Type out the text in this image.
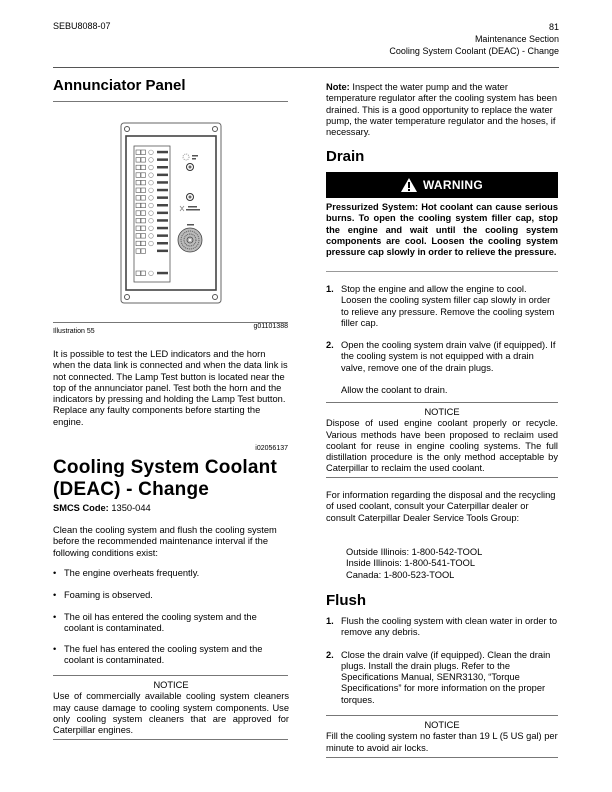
SEBU8088-07	81
Maintenance Section
Cooling System Coolant (DEAC) - Change
Annunciator Panel
Illustration 55
g01101388
It is possible to test the LED indicators and the horn when the data link is connected and when the data link is not connected. The Lamp Test button is located near the top of the annunciator panel. Test both the horn and the indicators by pressing and holding the Lamp Test button. Replace any faulty components before starting the engine.
i02056137
Cooling System Coolant
(DEAC) - Change
SMCS Code: 1350-044
Clean the cooling system and flush the cooling system before the recommended maintenance interval if the following conditions exist:
• The engine overheats frequently.
• Foaming is observed.
• The oil has entered the cooling system and the coolant is contaminated.
• The fuel has entered the cooling system and the coolant is contaminated.
NOTICE
Use of commercially available cooling system cleaners may cause damage to cooling system components. Use only cooling system cleaners that are approved for Caterpillar engines.
Note: Inspect the water pump and the water temperature regulator after the cooling system has been drained. This is a good opportunity to replace the water pump, the water temperature regulator and the hoses, if necessary.
Drain
WARNING
Pressurized System: Hot coolant can cause serious burns. To open the cooling system filler cap, stop the engine and wait until the cooling system components are cool. Loosen the cooling system pressure cap slowly in order to relieve the pressure.
1. Stop the engine and allow the engine to cool. Loosen the cooling system filler cap slowly in order to relieve any pressure. Remove the cooling system filler cap.
2. Open the cooling system drain valve (if equipped). If the cooling system is not equipped with a drain valve, remove one of the drain plugs.
Allow the coolant to drain.
NOTICE
Dispose of used engine coolant properly or recycle. Various methods have been proposed to reclaim used coolant for reuse in engine cooling systems. The full distillation procedure is the only method acceptable by Caterpillar to reclaim the used coolant.
For information regarding the disposal and the recycling of used coolant, consult your Caterpillar dealer or consult Caterpillar Dealer Service Tools Group:
Outside Illinois: 1-800-542-TOOL
Inside Illinois: 1-800-541-TOOL
Canada: 1-800-523-TOOL
Flush
1. Flush the cooling system with clean water in order to remove any debris.
2. Close the drain valve (if equipped). Clean the drain plugs. Install the drain plugs. Refer to the Specifications Manual, SENR3130, “Torque Specifications” for more information on the proper torques.
NOTICE
Fill the cooling system no faster than 19 L (5 US gal) per minute to avoid air locks.
